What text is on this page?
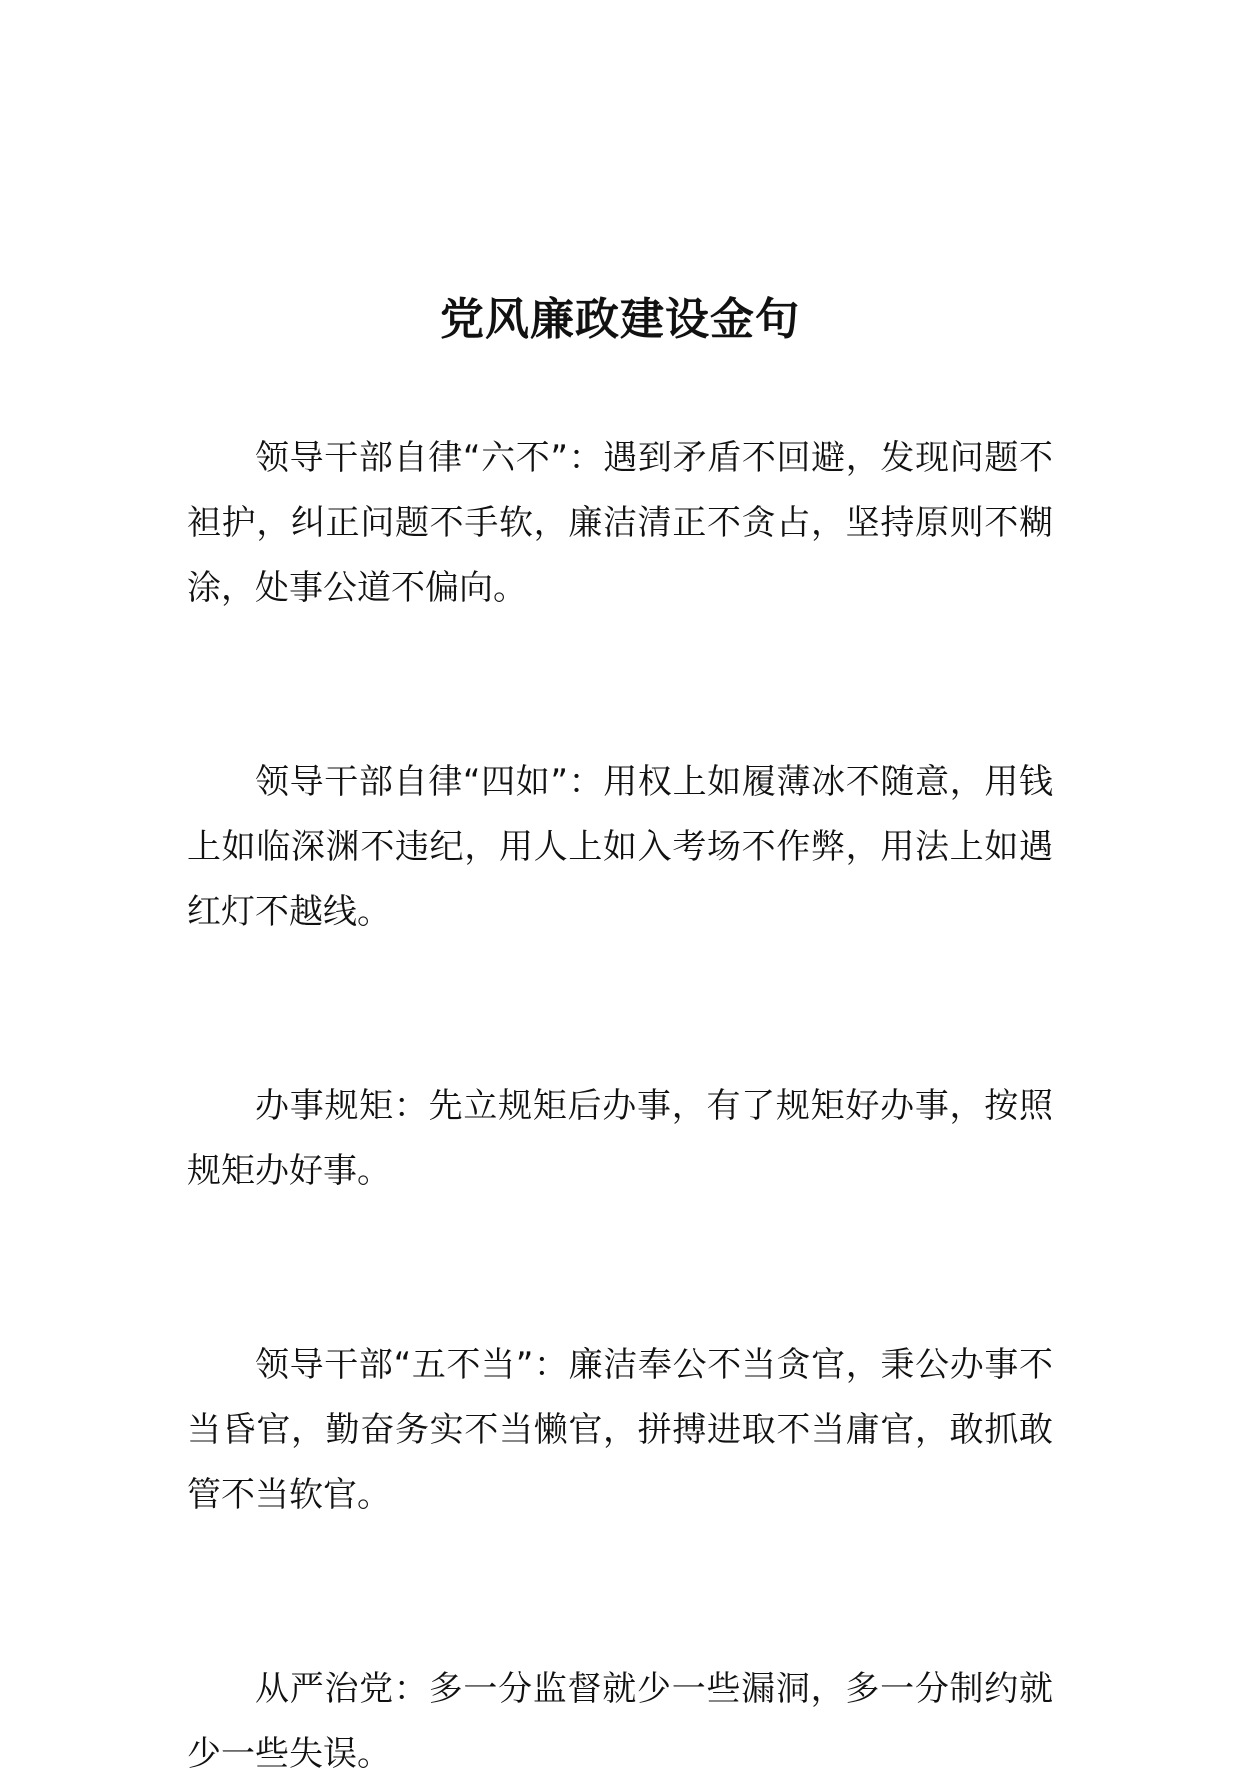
党风廉政建设金句

领导干部自律“六不”：遇到矛盾不回避，发现问题不袒护，纠正问题不手软，廉洁清正不贪占，坚持原则不糊涂，处事公道不偏向。

领导干部自律“四如”：用权上如履薄冰不随意，用钱上如临深渊不违纪，用人上如入考场不作弊，用法上如遇红灯不越线。

办事规矩：先立规矩后办事，有了规矩好办事，按照规矩办好事。

领导干部“五不当”：廉洁奉公不当贪官，秉公办事不当昏官，勤奋务实不当懒官，拼搏进取不当庸官，敢抓敢管不当软官。

从严治党：多一分监督就少一些漏洞，多一分制约就少一些失误。
